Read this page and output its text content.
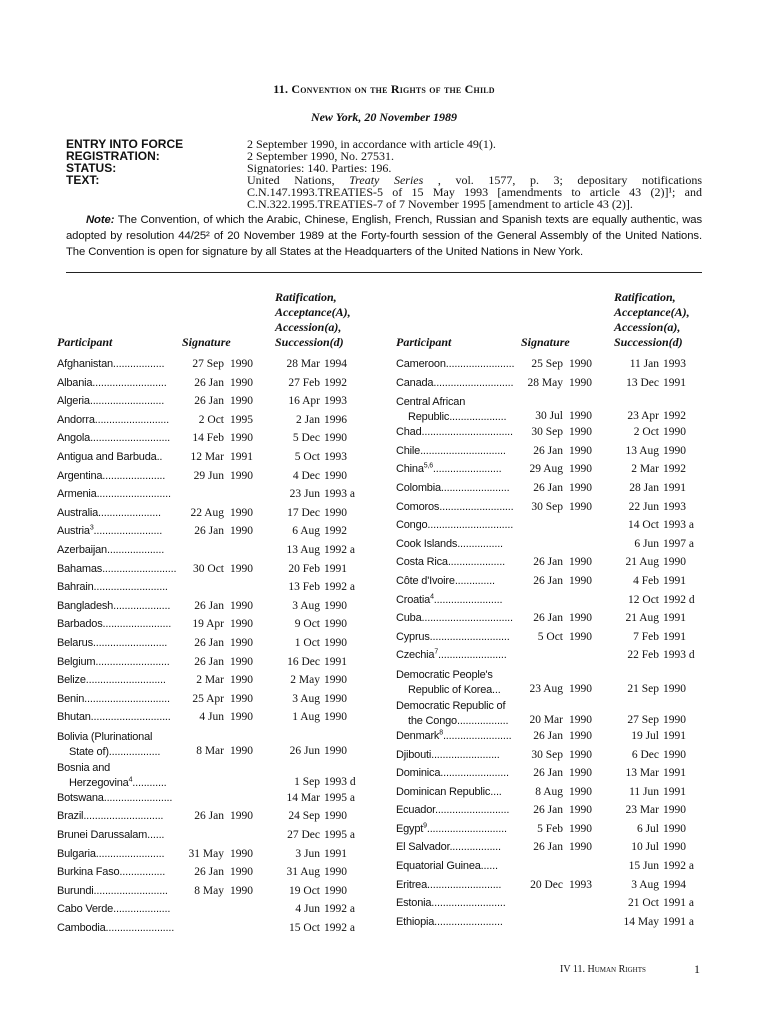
11. Convention on the Rights of the Child
New York, 20 November 1989
ENTRY INTO FORCE	2 September 1990, in accordance with article 49(1).
REGISTRATION:	2 September 1990, No. 27531.
STATUS:	Signatories: 140. Parties: 196.
TEXT:	United Nations, Treaty Series , vol. 1577, p. 3; depositary notifications C.N.147.1993.TREATIES-5 of 15 May 1993 [amendments to article 43 (2)]¹; and C.N.322.1995.TREATIES-7 of 7 November 1995 [amendment to article 43 (2)].
Note: The Convention, of which the Arabic, Chinese, English, French, Russian and Spanish texts are equally authentic, was adopted by resolution 44/25² of 20 November 1989 at the Forty-fourth session of the General Assembly of the United Nations. The Convention is open for signature by all States at the Headquarters of the United Nations in New York.
Participant	Signature
Ratification,
Acceptance(A),
Accession(a),
Succession(d)	Participant	Signature
Ratification,
Acceptance(A),
Accession(a),
Succession(d)
Afghanistan.................. 27 Sep 1990	28 Mar 1994
Albania.......................... 26 Jan 1990	27 Feb 1992
Algeria..........................	26 Jan 1990	16 Apr 1993
Andorra..........................	2 Oct 1995	2 Jan 1996
Angola............................ 14 Feb 1990	5 Dec 1990
Antigua and Barbuda.. 12 Mar 1991	5 Oct 1993
Argentina...................... 29 Jun 1990	4 Dec 1990
Armenia..........................	23 Jun 1993 a
Australia......................	22 Aug 1990	17 Dec 1990
Austria$^3$........................	26 Jan 1990	6 Aug 1992
Azerbaijan....................	13 Aug 1992 a
Bahamas.......................... 30 Oct 1990	20 Feb 1991
Bahrain..........................	13 Feb 1992 a
Bangladesh.................... 26 Jan 1990	3 Aug 1990
Barbados........................ 19 Apr 1990	9 Oct 1990
Belarus.......................... 26 Jan 1990	1 Oct 1990
Belgium.......................... 26 Jan 1990	16 Dec 1991
Belize............................	2 Mar 1990	2 May 1990
Benin.............................. 25 Apr 1990	3 Aug 1990
Bhutan............................ 4 Jun 1990	1 Aug 1990
Bolivia (Plurinational
State of)..................	8 Mar 1990	26 Jun 1990
Bosnia and
Herzegovina$^4$............	1 Sep 1993 d
Botswana........................	14 Mar 1995 a
Brazil............................	26 Jan 1990	24 Sep 1990
Brunei Darussalam......	27 Dec 1995 a
Bulgaria........................ 31 May 1990	3 Jun 1991
Burkina Faso................	26 Jan 1990	31 Aug 1990
Burundi.......................... 8 May 1990	19 Oct 1990
Cabo Verde....................	4 Jun 1992 a
Cambodia........................	15 Oct 1992 a
Cameroon........................ 25 Sep 1990	11 Jan 1993
Canada............................ 28 May 1990	13 Dec 1991
Central African
Republic....................	30 Jul 1990	23 Apr 1992
Chad................................ 30 Sep 1990	2 Oct 1990
Chile.............................. 26 Jan 1990	13 Aug 1990
China$^{5,6}$........................ 29 Aug 1990	2 Mar 1992
Colombia........................ 26 Jan 1990	28 Jan 1991
Comoros.......................... 30 Sep 1990	22 Jun 1993
Congo..............................	14 Oct 1993 a
Cook Islands................	6 Jun 1997 a
Costa Rica.................... 26 Jan 1990	21 Aug 1990
Côte d'Ivoire..............	26 Jan 1990	4 Feb 1991
Croatia$^4$........................	12 Oct 1992 d
Cuba................................ 26 Jan 1990	21 Aug 1991
Cyprus............................ 5 Oct 1990	7 Feb 1991
Czechia$^7$........................	22 Feb 1993 d
Democratic People's
Republic of Korea...	23 Aug 1990	21 Sep 1990
Democratic Republic of
the Congo.................. 20 Mar 1990	27 Sep 1990
Denmark$^8$........................ 26 Jan 1990	19 Jul 1991
Djibouti........................	30 Sep 1990	6 Dec 1990
Dominica........................ 26 Jan 1990	13 Mar 1991
Dominican Republic....	8 Aug 1990	11 Jun 1991
Ecuador.......................... 26 Jan 1990	23 Mar 1990
Egypt$^9$............................	5 Feb 1990	6 Jul 1990
El Salvador..................	26 Jan 1990	10 Jul 1990
Equatorial Guinea......	15 Jun 1992 a
Eritrea..........................	20 Dec 1993	3 Aug 1994
Estonia..........................	21 Oct 1991 a
Ethiopia........................	14 May 1991 a
IV 11. Human Rights	1
